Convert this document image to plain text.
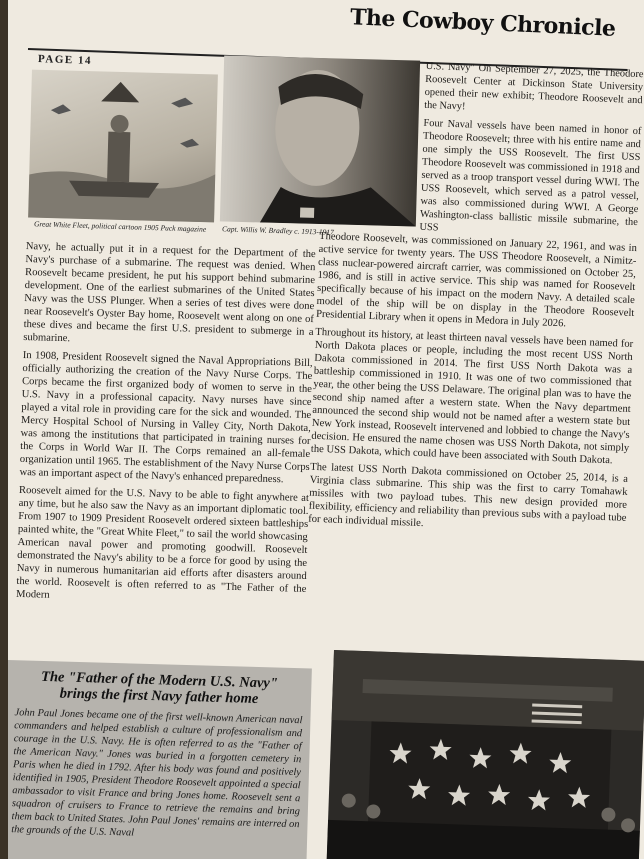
The Cowboy Chronicle
PAGE 14
Great White Fleet, political cartoon 1905 Puck magazine Capt. Willis W. Bradley c. 1913-1917

Navy, he actually put it in a request for the Department of the Navy's purchase of a submarine. The request was denied. When Roosevelt became president, he put his support behind submarine development. One of the earliest submarines of the United States Navy was the USS Plunger. When a series of test dives were done near Roosevelt's Oyster Bay home, Roosevelt went along on one of these dives and became the first U.S. president to submerge in a submarine.

In 1908, President Roosevelt signed the Naval Appropriations Bill, officially authorizing the creation of the Navy Nurse Corps. The Corps became the first organized body of women to serve in the U.S. Navy in a professional capacity. Navy nurses have since played a vital role in providing care for the sick and wounded. The Mercy Hospital School of Nursing in Valley City, North Dakota, was among the institutions that participated in training nurses for the Corps in World War II. The Corps remained an all-female organization until 1965. The establishment of the Navy Nurse Corps was an important aspect of the Navy's enhanced preparedness.

Roosevelt aimed for the U.S. Navy to be able to fight anywhere at any time, but he also saw the Navy as an important diplomatic tool. From 1907 to 1909 President Roosevelt ordered sixteen battleships painted white, the "Great White Fleet," to sail the world showcasing American naval power and promoting goodwill. Roosevelt demonstrated the Navy's ability to be a force for good by using the Navy in numerous humanitarian aid efforts after disasters around the world. Roosevelt is often referred to as "The Father of the Modern

The "Father of the Modern U.S. Navy"
brings the first Navy father home
John Paul Jones became one of the first well-known American naval commanders and helped establish a culture of professionalism and courage in the U.S. Navy. He is often referred to as the "Father of the American Navy." Jones was buried in a forgotten cemetery in Paris when he died in 1792. After his body was found and positively identified in 1905, President Theodore Roosevelt appointed a special ambassador to visit France and bring Jones home. Roosevelt sent a squadron of cruisers to France to retrieve the remains and bring them back to United States. John Paul Jones' remains are interred on the grounds of the U.S. Naval

U.S. Navy" On September 27, 2025, the Theodore Roosevelt Center at Dickinson State University opened their new exhibit; Theodore Roosevelt and the Navy!

Four Naval vessels have been named in honor of Theodore Roosevelt; three with his entire name and one simply the USS Roosevelt. The first USS Theodore Roosevelt was commissioned in 1918 and served as a troop transport vessel during WWI. The USS Roosevelt, which served as a patrol vessel, was also commissioned during WWI. A George Washington-class ballistic missile submarine, the USS

Theodore Roosevelt, was commissioned on January 22, 1961, and was in active service for twenty years. The USS Theodore Roosevelt, a Nimitz-class nuclear-powered aircraft carrier, was commissioned on October 25, 1986, and is still in active service. This ship was named for Roosevelt specifically because of his impact on the modern Navy. A detailed scale model of the ship will be on display in the Theodore Roosevelt Presidential Library when it opens in Medora in July 2026.

Throughout its history, at least thirteen naval vessels have been named for North Dakota places or people, including the most recent USS North Dakota commissioned in 2014. The first USS North Dakota was a battleship commissioned in 1910. It was one of two commissioned that year, the other being the USS Delaware. The original plan was to have the second ship named after a western state. When the Navy department announced the second ship would not be named after a western state but New York instead, Roosevelt intervened and lobbied to change the Navy's decision. He ensured the name chosen was USS North Dakota, not simply the USS Dakota, which could have been associated with South Dakota.

The latest USS North Dakota commissioned on October 25, 2014, is a Virginia class submarine. This ship was the first to carry Tomahawk missiles with two payload tubes. This new design provided more flexibility, efficiency and reliability than previous subs with a payload tube for each individual missile.
